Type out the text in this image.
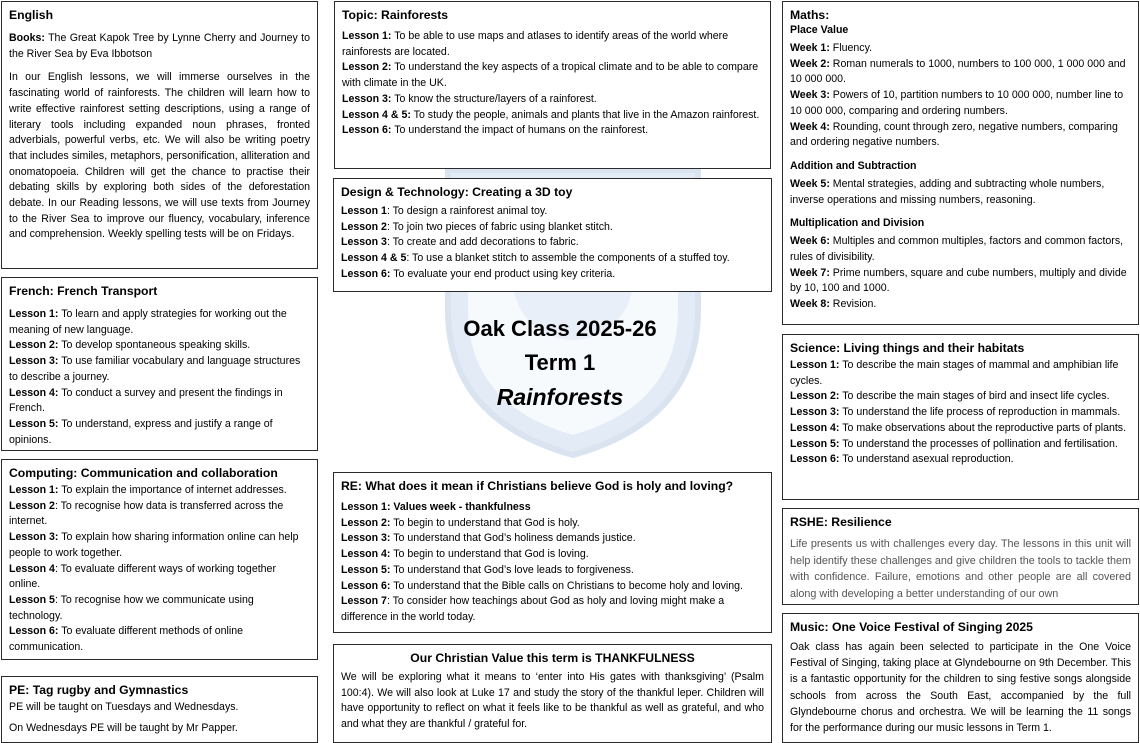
Oak Class 2025-26
Term 1
Rainforests
English

Books: The Great Kapok Tree by Lynne Cherry and Journey to the River Sea by Eva Ibbotson

In our English lessons, we will immerse ourselves in the fascinating world of rainforests. The children will learn how to write effective rainforest setting descriptions, using a range of literary tools including expanded noun phrases, fronted adverbials, powerful verbs, etc. We will also be writing poetry that includes similes, metaphors, personification, alliteration and onomatopoeia. Children will get the chance to practise their debating skills by exploring both sides of the deforestation debate. In our Reading lessons, we will use texts from Journey to the River Sea to improve our fluency, vocabulary, inference and comprehension. Weekly spelling tests will be on Fridays.

French: French Transport

Lesson 1: To learn and apply strategies for working out the meaning of new language.

Lesson 2: To develop spontaneous speaking skills.

Lesson 3: To use familiar vocabulary and language structures to describe a journey.

Lesson 4: To conduct a survey and present the findings in French.

Lesson 5: To understand, express and justify a range of opinions.

Computing: Communication and collaboration

Lesson 1: To explain the importance of internet addresses.

Lesson 2: To recognise how data is transferred across the internet.

Lesson 3: To explain how sharing information online can help people to work together.

Lesson 4: To evaluate different ways of working together online.

Lesson 5: To recognise how we communicate using technology.

Lesson 6: To evaluate different methods of online communication.

PE: Tag rugby and Gymnastics

PE will be taught on Tuesdays and Wednesdays.

On Wednesdays PE will be taught by Mr Papper.

Topic: Rainforests

Lesson 1: To be able to use maps and atlases to identify areas of the world where rainforests are located.

Lesson 2: To understand the key aspects of a tropical climate and to be able to compare with climate in the UK.

Lesson 3: To know the structure/layers of a rainforest.

Lesson 4 & 5: To study the people, animals and plants that live in the Amazon rainforest.

Lesson 6: To understand the impact of humans on the rainforest.

Design & Technology: Creating a 3D toy

Lesson 1: To design a rainforest animal toy.

Lesson 2: To join two pieces of fabric using blanket stitch.

Lesson 3: To create and add decorations to fabric.

Lesson 4 & 5: To use a blanket stitch to assemble the components of a stuffed toy.

Lesson 6: To evaluate your end product using key criteria.

RE: What does it mean if Christians believe God is holy and loving?

Lesson 1: Values week - thankfulness

Lesson 2: To begin to understand that God is holy.

Lesson 3: To understand that God’s holiness demands justice.

Lesson 4: To begin to understand that God is loving.

Lesson 5: To understand that God’s love leads to forgiveness.

Lesson 6: To understand that the Bible calls on Christians to become holy and loving.

Lesson 7: To consider how teachings about God as holy and loving might make a difference in the world today.

Our Christian Value this term is THANKFULNESS

We will be exploring what it means to ‘enter into His gates with thanksgiving’ (Psalm 100:4). We will also look at Luke 17 and study the story of the thankful leper. Children will have opportunity to reflect on what it feels like to be thankful as well as grateful, and who and what they are thankful / grateful for.

Maths:
Place Value

Week 1: Fluency.

Week 2: Roman numerals to 1000, numbers to 100 000, 1 000 000 and 10 000 000.

Week 3: Powers of 10, partition numbers to 10 000 000, number line to 10 000 000, comparing and ordering numbers.

Week 4: Rounding, count through zero, negative numbers, comparing and ordering negative numbers.

Addition and Subtraction

Week 5: Mental strategies, adding and subtracting whole numbers, inverse operations and missing numbers, reasoning.

Multiplication and Division

Week 6: Multiples and common multiples, factors and common factors, rules of divisibility.

Week 7: Prime numbers, square and cube numbers, multiply and divide by 10, 100 and 1000.

Week 8: Revision.

Science: Living things and their habitats

Lesson 1: To describe the main stages of mammal and amphibian life cycles.

Lesson 2: To describe the main stages of bird and insect life cycles.

Lesson 3: To understand the life process of reproduction in mammals.

Lesson 4: To make observations about the reproductive parts of plants.

Lesson 5: To understand the processes of pollination and fertilisation.

Lesson 6: To understand asexual reproduction.

RSHE: Resilience

Life presents us with challenges every day. The lessons in this unit will help identify these challenges and give children the tools to tackle them with confidence. Failure, emotions and other people are all covered along with developing a better understanding of our own

Music: One Voice Festival of Singing 2025

Oak class has again been selected to participate in the One Voice Festival of Singing, taking place at Glyndebourne on 9th December. This is a fantastic opportunity for the children to sing festive songs alongside schools from across the South East, accompanied by the full Glyndebourne chorus and orchestra. We will be learning the 11 songs for the performance during our music lessons in Term 1.
